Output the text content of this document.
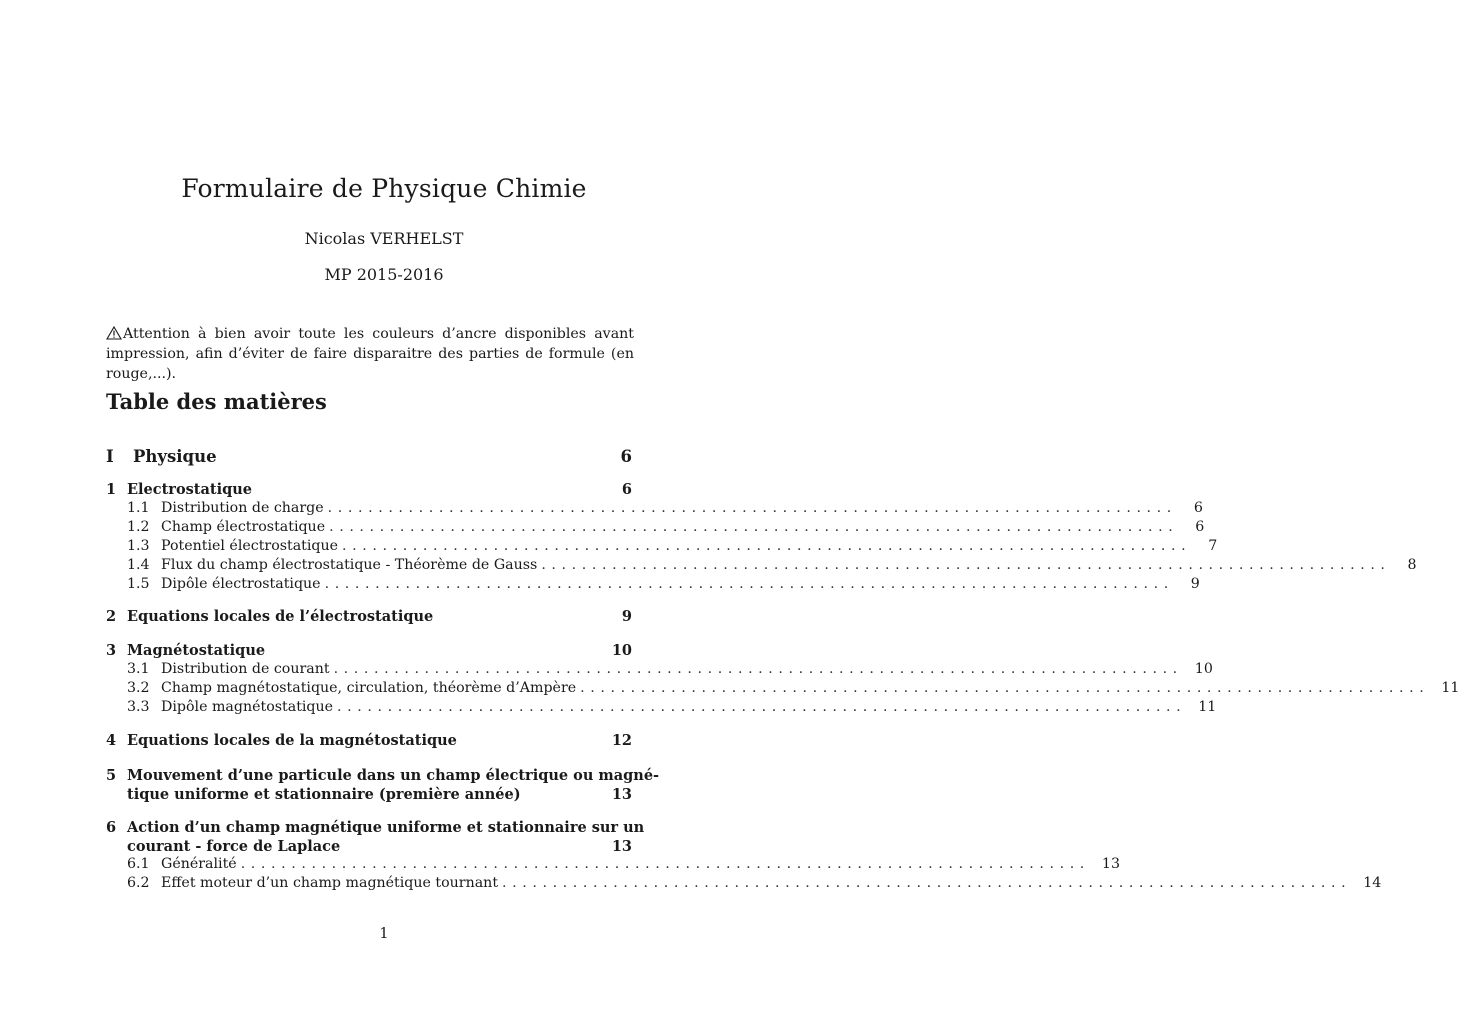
Formulaire de Physique Chimie
Nicolas VERHELST
MP 2015-2016
Attention à bien avoir toute les couleurs d’ancre disponibles avant impression, afin d’éviter de faire disparaitre des parties de formule (en rouge,...).
Table des matières
I Physique	6
1 Electrostatique	6
1.1 Distribution de charge ....................................................................................	6
1.2 Champ électrostatique ....................................................................................	6
1.3 Potentiel électrostatique ....................................................................................	7
1.4 Flux du champ électrostatique - Théorème de Gauss ....................................................................................	8
1.5 Dipôle électrostatique ....................................................................................	9
2 Equations locales de l’électrostatique	9
3 Magnétostatique	10
3.1 Distribution de courant .................................................................................... 10
3.2 Champ magnétostatique, circulation, théorème d’Ampère .................................................................................... 11
3.3 Dipôle magnétostatique .................................................................................... 11
4 Equations locales de la magnétostatique	12
5 Mouvement d’une particule dans un champ électrique ou magné-
tique uniforme et stationnaire (première année)	13
6 Action d’un champ magnétique uniforme et stationnaire sur un
courant - force de Laplace	13
6.1 Généralité .................................................................................... 13
6.2 Effet moteur d’un champ magnétique tournant .................................................................................... 14
1
